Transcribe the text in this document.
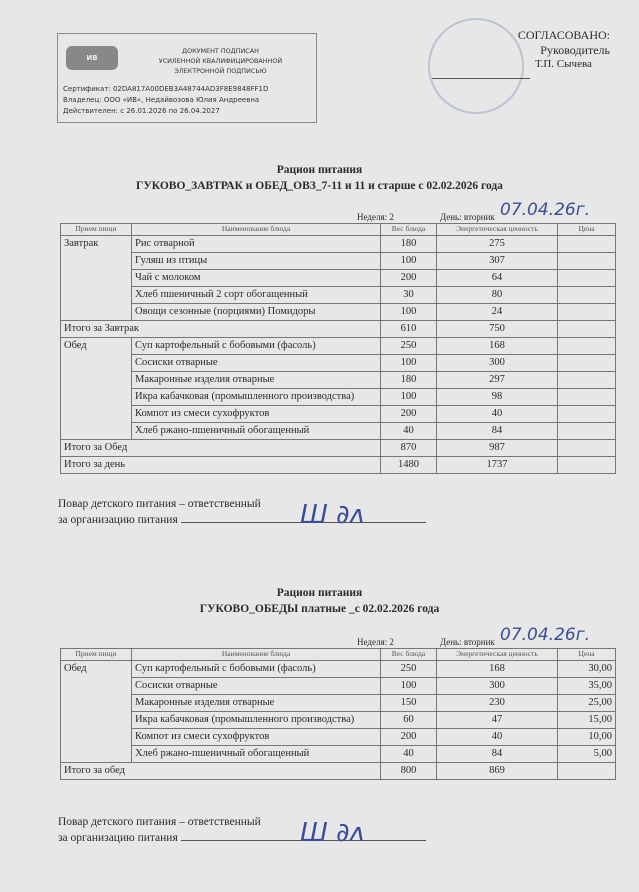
ИВ
ДОКУМЕНТ ПОДПИСАН
УСИЛЕННОЙ КВАЛИФИЦИРОВАННОЙ
ЭЛЕКТРОННОЙ ПОДПИСЬЮ
Сертификат: 02DA817A00DEB3A48744AD3F8E9848FF1D
Владелец: ООО «ИВ», Недайвозова Юлия Андреевна
Действителен: с 26.01.2026 по 26.04.2027
СОГЛАСОВАНО:
Руководитель
Т.П. Сычева
Рацион питания
ГУКОВО_ЗАВТРАК и ОБЕД_ОВЗ_7-11 и 11 и старше с 02.02.2026 года
Неделя: 2	День: вторник 07.04.26г.
Прием пищи	Наименование блюда	Вес блюда	Энергетическая ценность	Цена
Завтрак	Рис отварной	180	275	
	Гуляш из птицы	100	307	
	Чай с молоком	200	64	
	Хлеб пшеничный 2 сорт обогащенный	30	80	
	Овощи сезонные (порциями) Помидоры	100	24	
Итого за Завтрак		610	750	
Обед	Суп картофельный с бобовыми (фасоль)	250	168	
	Сосиски отварные	100	300	
	Макаронные изделия отварные	180	297	
	Икра кабачковая (промышленного производства)	100	98	
	Компот из смеси сухофруктов	200	40	
	Хлеб ржано-пшеничный обогащенный	40	84	
Итого за Обед		870	987	
Итого за день		1480	1737	
Повар детского питания – ответственный
за организацию питания	Ш ∂ᴧ
Рацион питания
ГУКОВО_ОБЕДЫ платные _с 02.02.2026 года
Неделя: 2	День: вторник 07.04.26г.
Прием пищи	Наименование блюда	Вес блюда	Энергетическая ценность	Цена
Обед	Суп картофельный с бобовыми (фасоль)	250	168	30,00
	Сосиски отварные	100	300	35,00
	Макаронные изделия отварные	150	230	25,00
	Икра кабачковая (промышленного производства)	60	47	15,00
	Компот из смеси сухофруктов	200	40	10,00
	Хлеб ржано-пшеничный обогащенный	40	84	5,00
Итого за обед		800	869	
Повар детского питания – ответственный
за организацию питания	Ш ∂ᴧ
